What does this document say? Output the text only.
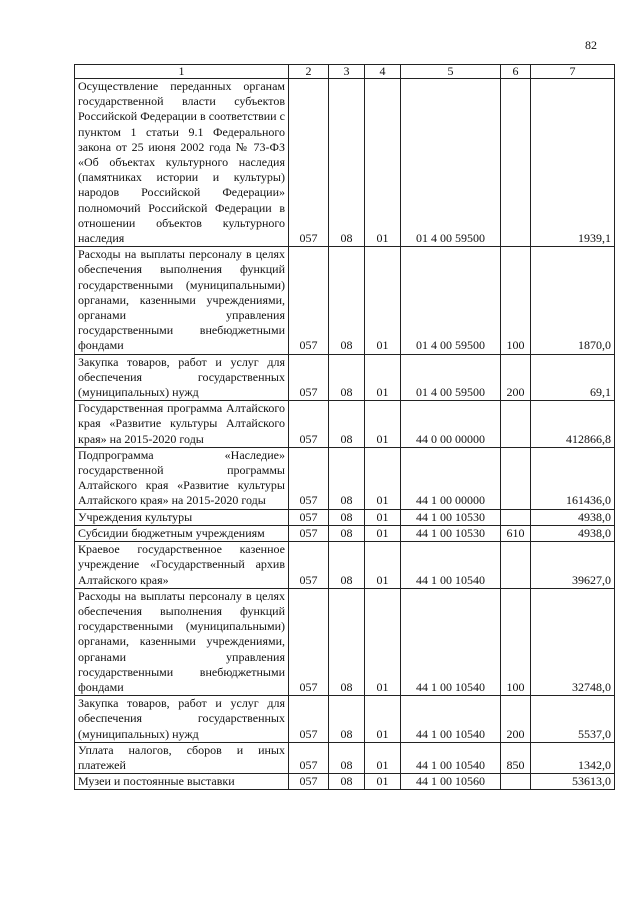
82
1	2	3	4	5	6	7
Осуществление переданных органам государственной власти субъектов Российской Федерации в соответствии с пунктом 1 статьи 9.1 Федерального закона от 25 июня 2002 года № 73-ФЗ «Об объектах культурного наследия (памятниках истории и культуры) народов Российской Федерации» полномочий Российской Федерации в отношении объектов культурного наследия	057	08	01	01 4 00 59500		1939,1
Расходы на выплаты персоналу в целях обеспечения выполнения функций государственными (муниципальными) органами, казенными учреждениями, органами управления государственными внебюджетными фондами	057	08	01	01 4 00 59500	100	1870,0
Закупка товаров, работ и услуг для обеспечения государственных (муниципальных) нужд	057	08	01	01 4 00 59500	200	69,1
Государственная программа Алтайского края «Развитие культуры Алтайского края» на 2015-2020 годы	057	08	01	44 0 00 00000		412866,8
Подпрограмма «Наследие» государственной программы Алтайского края «Развитие культуры Алтайского края» на 2015-2020 годы	057	08	01	44 1 00 00000		161436,0
Учреждения культуры	057	08	01	44 1 00 10530		4938,0
Субсидии бюджетным учреждениям	057	08	01	44 1 00 10530	610	4938,0
Краевое государственное казенное учреждение «Государственный архив Алтайского края»	057	08	01	44 1 00 10540		39627,0
Расходы на выплаты персоналу в целях обеспечения выполнения функций государственными (муниципальными) органами, казенными учреждениями, органами управления государственными внебюджетными фондами	057	08	01	44 1 00 10540	100	32748,0
Закупка товаров, работ и услуг для обеспечения государственных (муниципальных) нужд	057	08	01	44 1 00 10540	200	5537,0
Уплата налогов, сборов и иных платежей	057	08	01	44 1 00 10540	850	1342,0
Музеи и постоянные выставки	057	08	01	44 1 00 10560		53613,0
